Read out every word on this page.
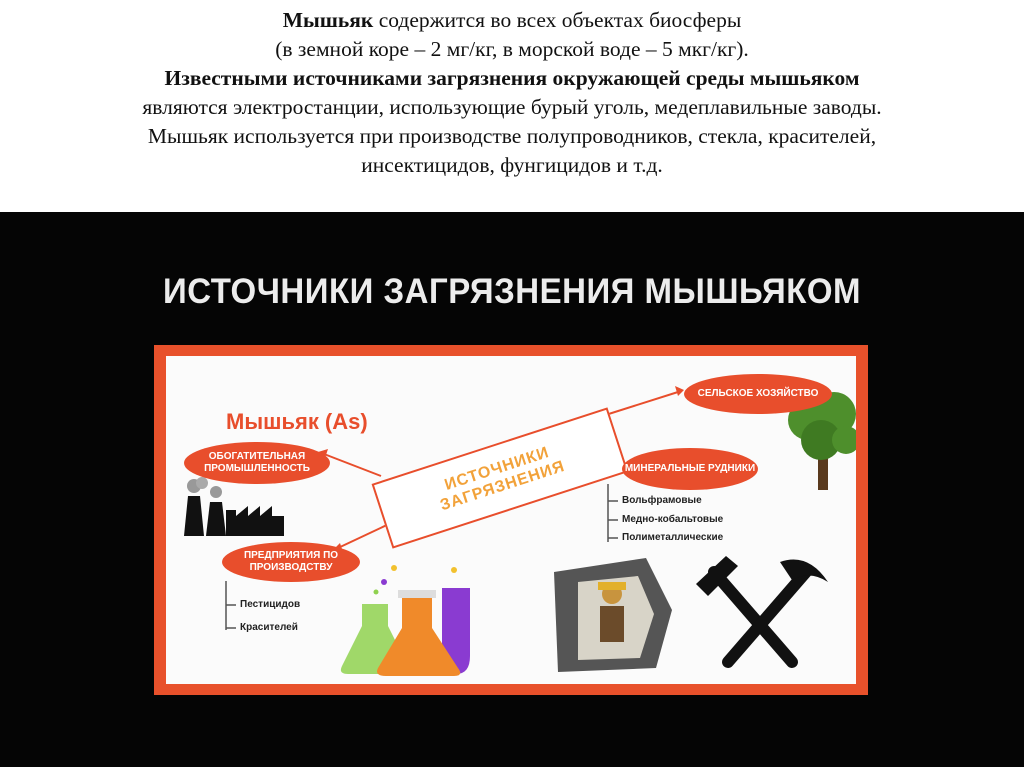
Мышьяк содержится во всех объектах биосферы
(в земной коре – 2 мг/кг, в морской воде – 5 мкг/кг).
Известными источниками загрязнения окружающей среды мышьяком
являются электростанции, использующие бурый уголь, медеплавильные заводы.
Мышьяк используется при производстве полупроводников, стекла, красителей,
инсектицидов, фунгицидов и т.д.
ИСТОЧНИКИ ЗАГРЯЗНЕНИЯ МЫШЬЯКОМ
Мышьяк (As)
ИСТОЧНИКИ ЗАГРЯЗНЕНИЯ
ОБОГАТИТЕЛЬНАЯ ПРОМЫШЛЕННОСТЬ
ПРЕДПРИЯТИЯ ПО ПРОИЗВОДСТВУ
СЕЛЬСКОЕ ХОЗЯЙСТВО
МИНЕРАЛЬНЫЕ РУДНИКИ
Пестицидов
Красителей
Вольфрамовые
Медно-кобальтовые
Полиметаллические
